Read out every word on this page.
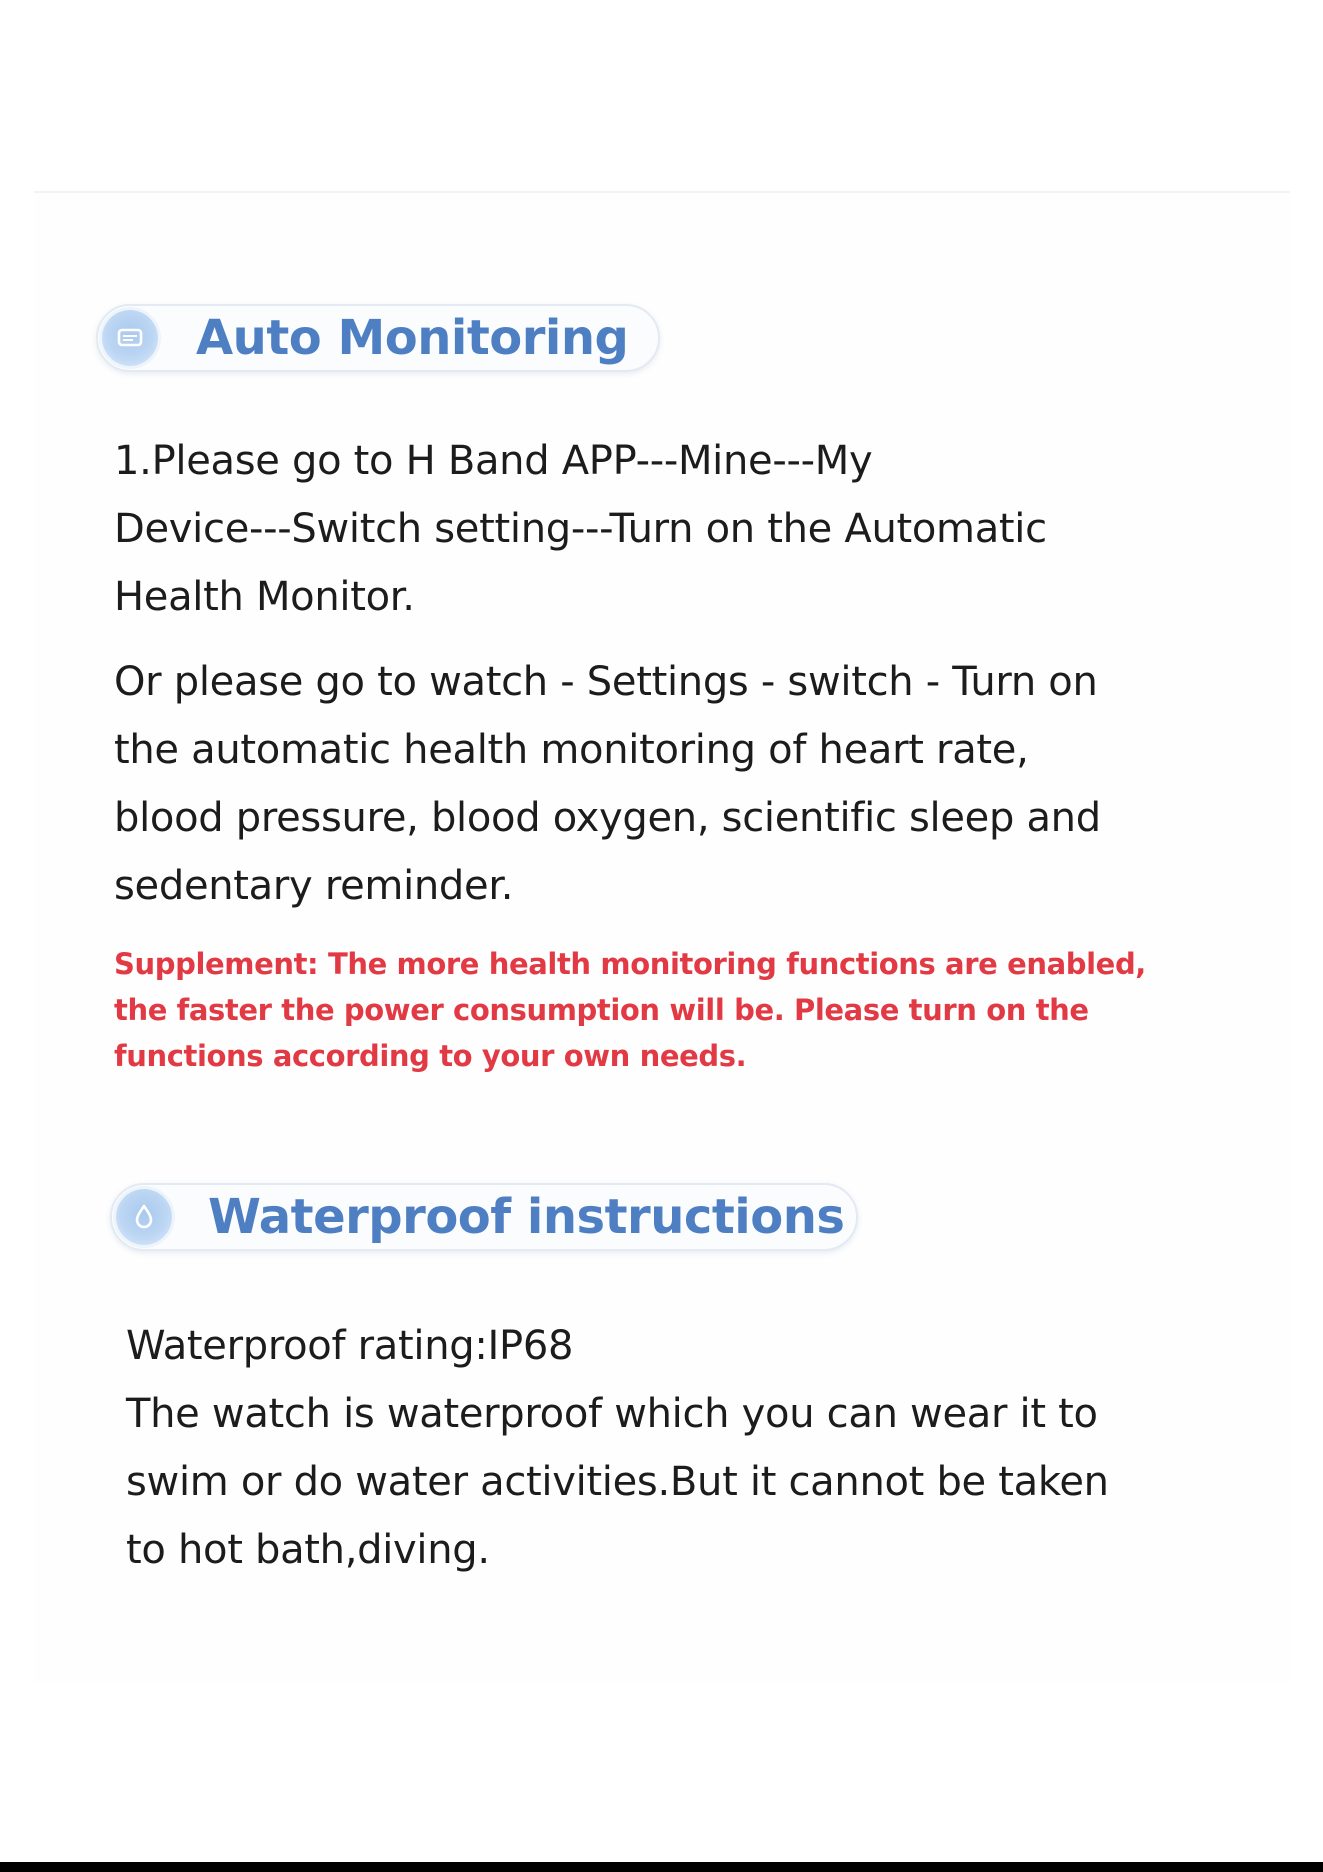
Auto Monitoring
1.Please go to H Band APP---Mine---My
Device---Switch setting---Turn on the Automatic
Health Monitor.
Or please go to watch - Settings - switch - Turn on
the automatic health monitoring of heart rate,
blood pressure, blood oxygen, scientific sleep and
sedentary reminder.
Supplement: The more health monitoring functions are enabled,
the faster the power consumption will be. Please turn on the
functions according to your own needs.
Waterproof instructions
Waterproof rating:IP68
The watch is waterproof which you can wear it to
swim or do water activities.But it cannot be taken
to hot bath,diving.
